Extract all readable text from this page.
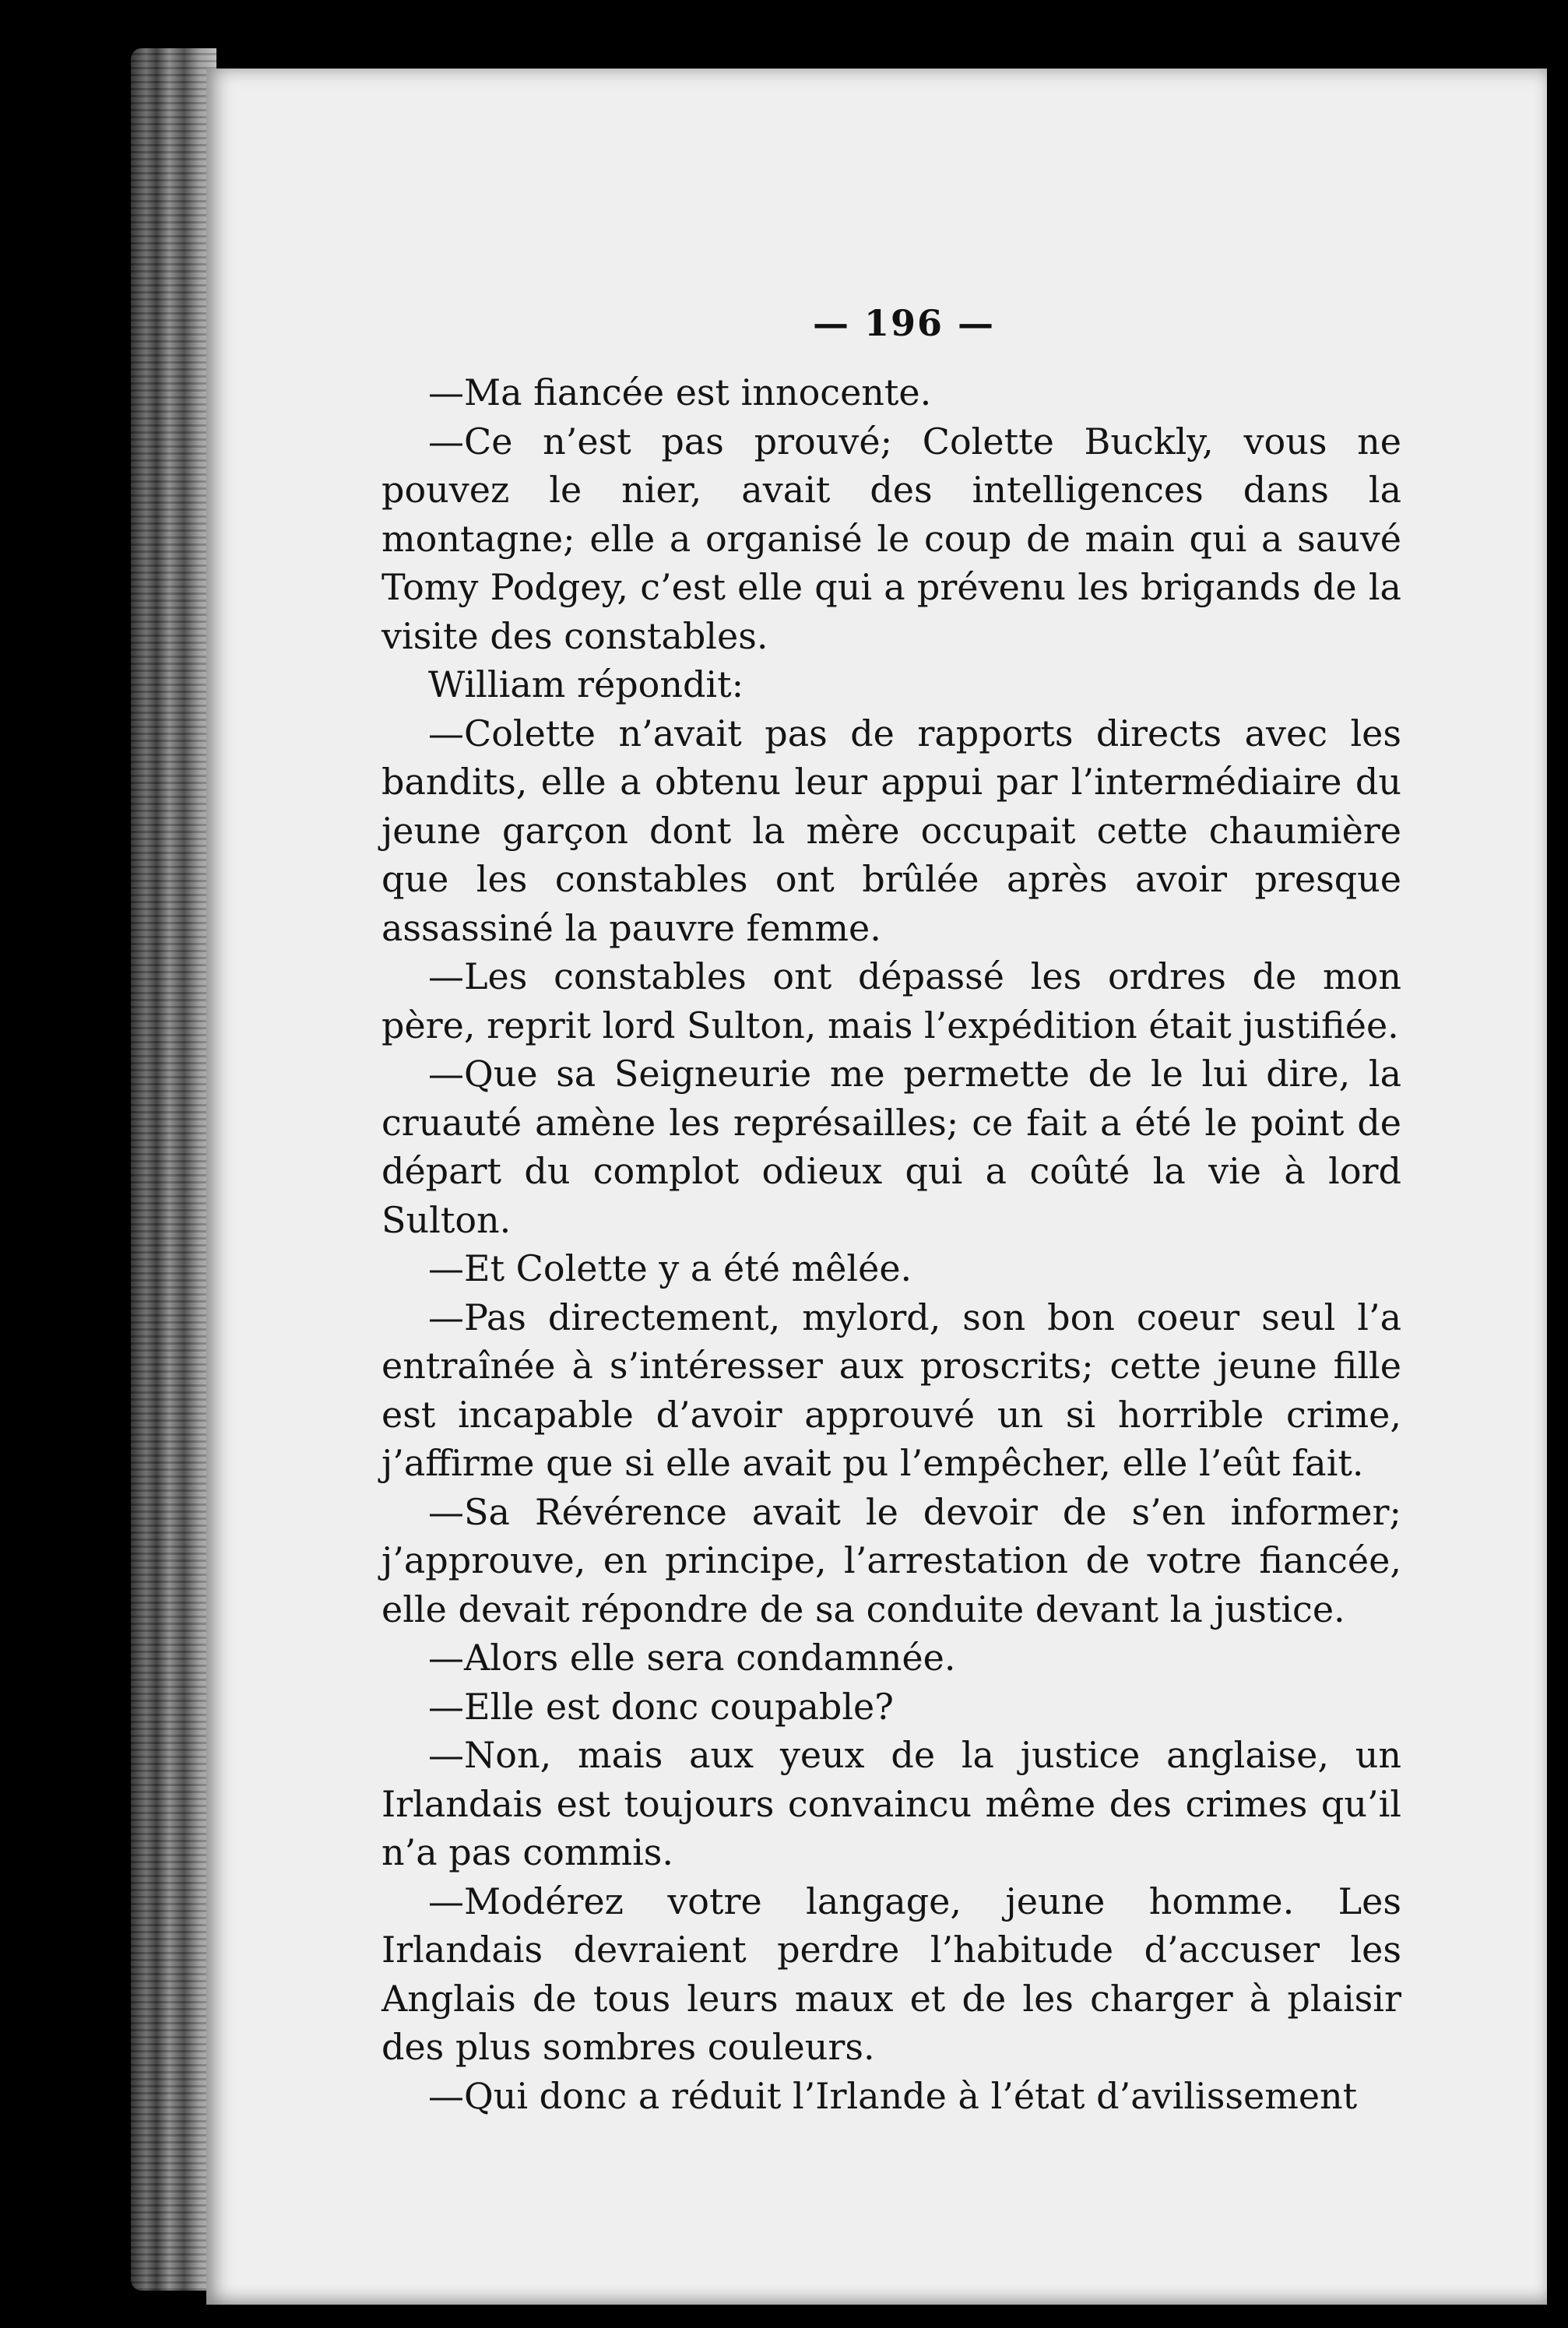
— 196 —

—Ma fiancée est innocente.

—Ce n’est pas prouvé; Colette Buckly, vous ne pouvez le nier, avait des intelligences dans la montagne; elle a organisé le coup de main qui a sauvé Tomy Podgey, c’est elle qui a prévenu les brigands de la visite des constables.

William répondit:

—Colette n’avait pas de rapports directs avec les bandits, elle a obtenu leur appui par l’intermédiaire du jeune garçon dont la mère occupait cette chaumière que les constables ont brûlée après avoir presque assassiné la pauvre femme.

—Les constables ont dépassé les ordres de mon père, reprit lord Sulton, mais l’expédition était justifiée.

—Que sa Seigneurie me permette de le lui dire, la cruauté amène les représailles; ce fait a été le point de départ du complot odieux qui a coûté la vie à lord Sulton.

—Et Colette y a été mêlée.

—Pas directement, mylord, son bon coeur seul l’a entraînée à s’intéresser aux proscrits; cette jeune fille est incapable d’avoir approuvé un si horrible crime, j’affirme que si elle avait pu l’empêcher, elle l’eût fait.

—Sa Révérence avait le devoir de s’en informer; j’approuve, en principe, l’arrestation de votre fiancée, elle devait répondre de sa conduite devant la justice.

—Alors elle sera condamnée.

—Elle est donc coupable?

—Non, mais aux yeux de la justice anglaise, un Irlandais est toujours convaincu même des crimes qu’il n’a pas commis.

—Modérez votre langage, jeune homme. Les Irlandais devraient perdre l’habitude d’accuser les Anglais de tous leurs maux et de les charger à plaisir des plus sombres couleurs.

—Qui donc a réduit l’Irlande à l’état d’avilissement
